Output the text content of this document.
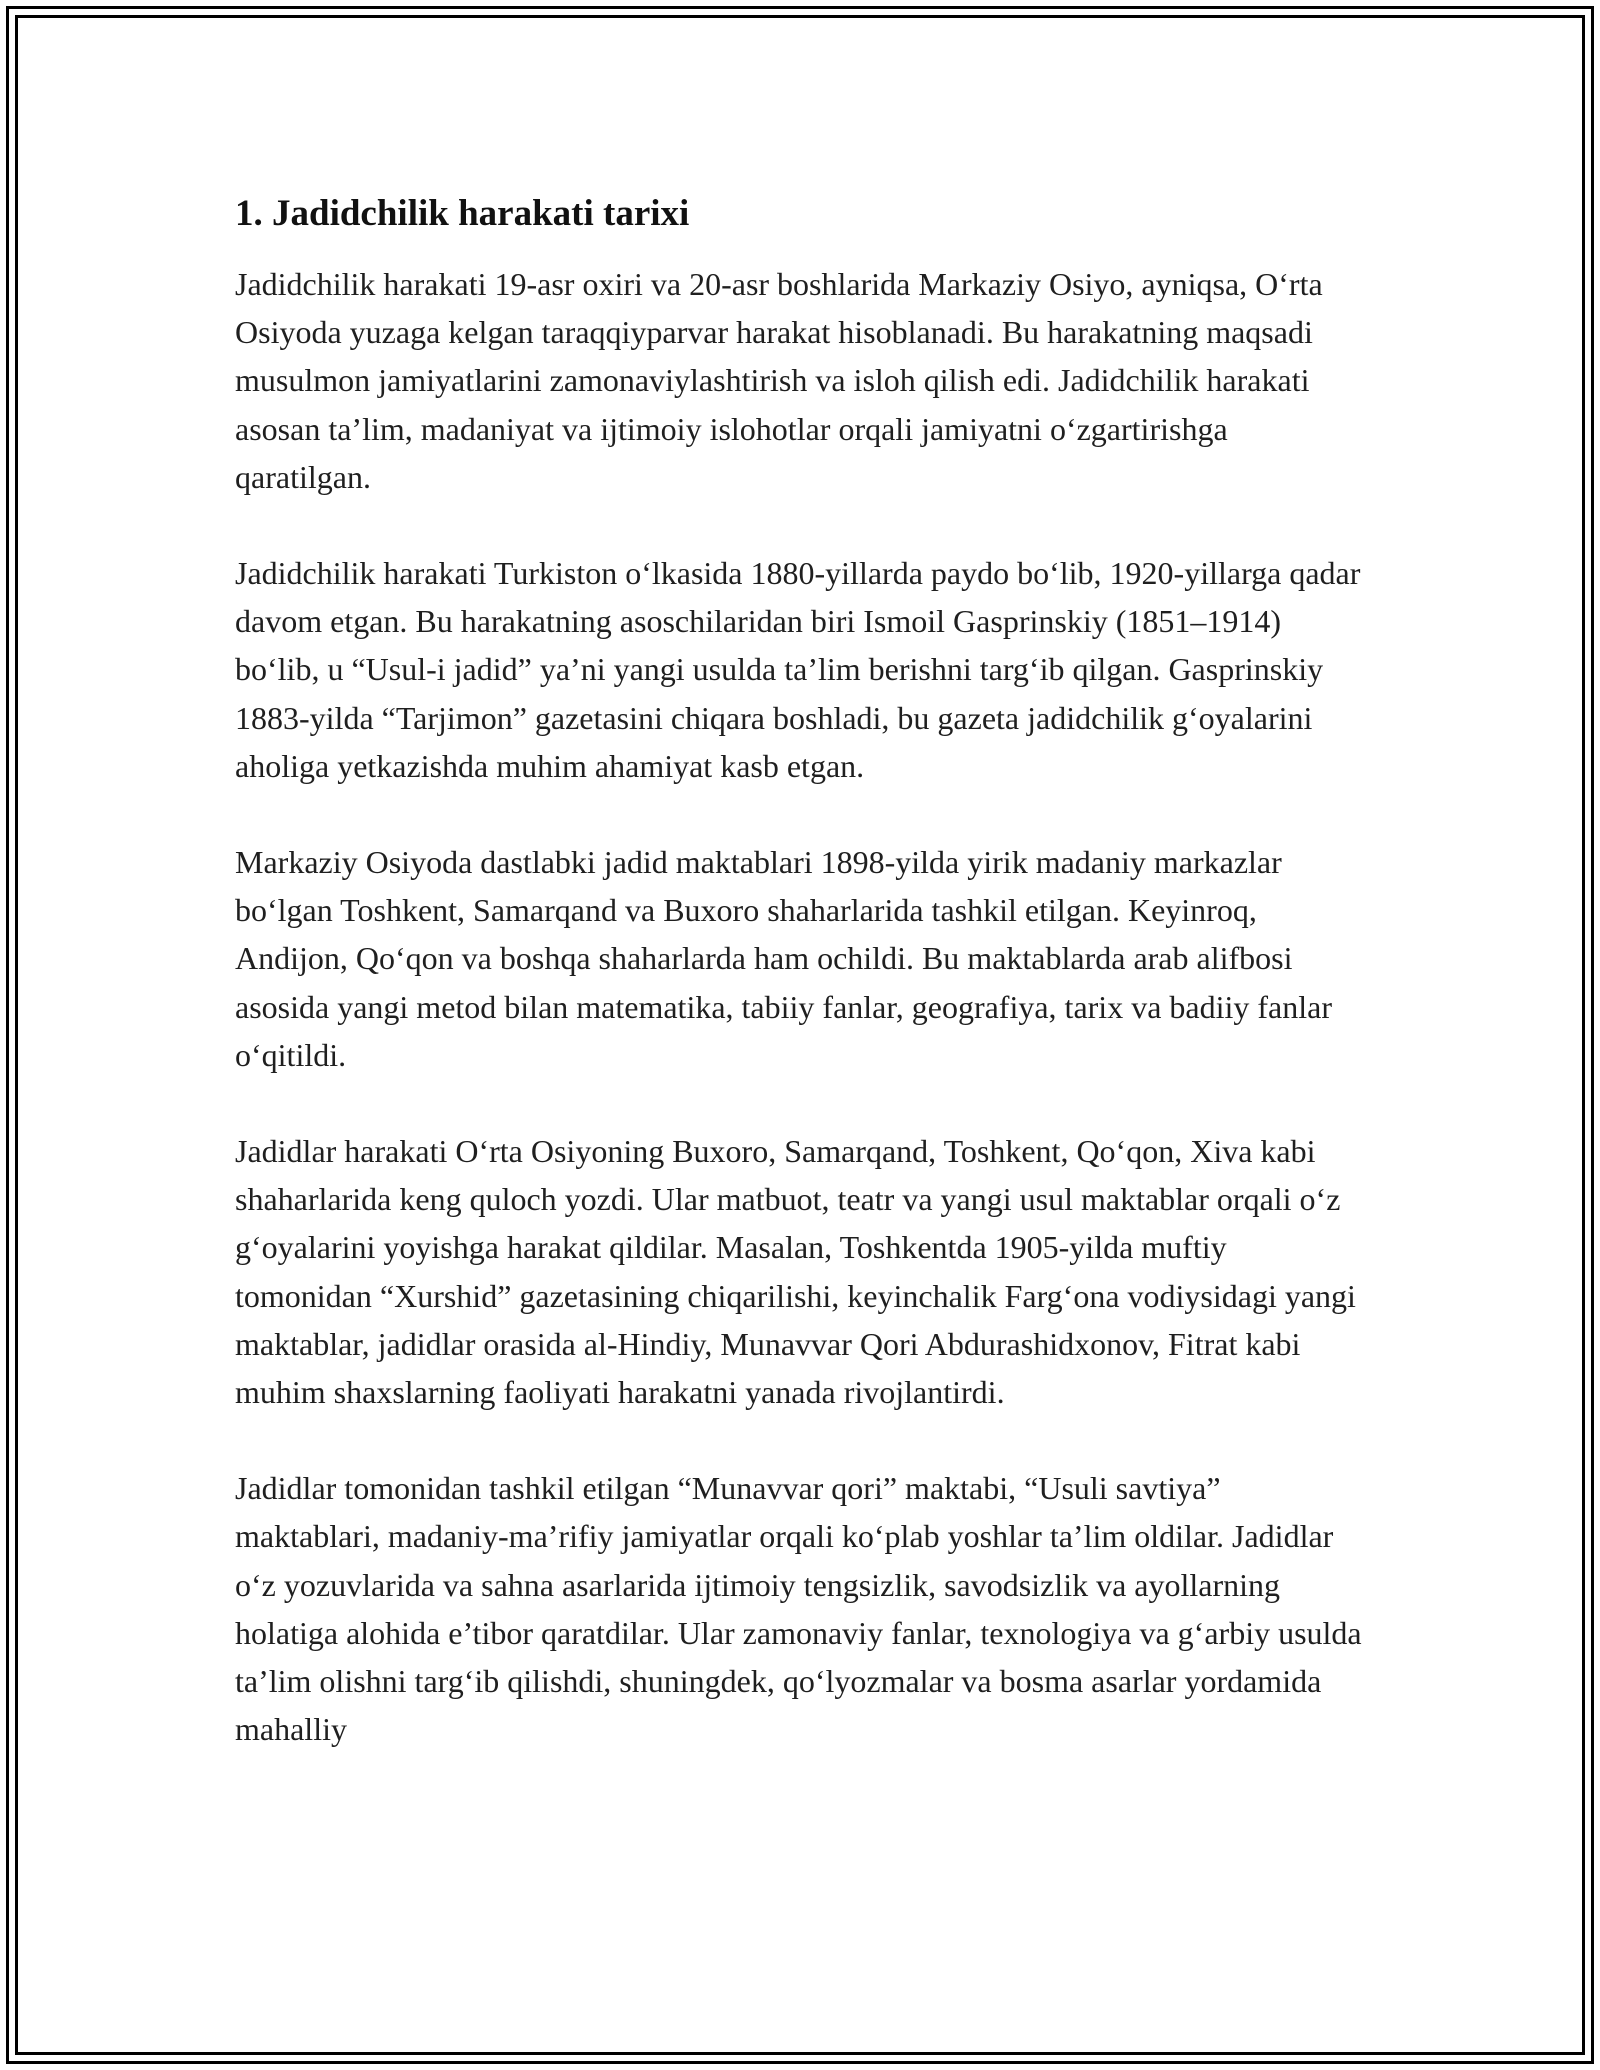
1. Jadidchilik harakati tarixi

Jadidchilik harakati 19-asr oxiri va 20-asr boshlarida Markaziy Osiyo, ayniqsa, O‘rta Osiyoda yuzaga kelgan taraqqiyparvar harakat hisoblanadi. Bu harakatning maqsadi musulmon jamiyatlarini zamonaviylashtirish va isloh qilish edi. Jadidchilik harakati asosan ta’lim, madaniyat va ijtimoiy islohotlar orqali jamiyatni o‘zgartirishga qaratilgan.

Jadidchilik harakati Turkiston o‘lkasida 1880-yillarda paydo bo‘lib, 1920-yillarga qadar davom etgan. Bu harakatning asoschilaridan biri Ismoil Gasprinskiy (1851–1914) bo‘lib, u “Usul-i jadid” ya’ni yangi usulda ta’lim berishni targ‘ib qilgan. Gasprinskiy 1883-yilda “Tarjimon” gazetasini chiqara boshladi, bu gazeta jadidchilik g‘oyalarini aholiga yetkazishda muhim ahamiyat kasb etgan.

Markaziy Osiyoda dastlabki jadid maktablari 1898-yilda yirik madaniy markazlar bo‘lgan Toshkent, Samarqand va Buxoro shaharlarida tashkil etilgan. Keyinroq, Andijon, Qo‘qon va boshqa shaharlarda ham ochildi. Bu maktablarda arab alifbosi asosida yangi metod bilan matematika, tabiiy fanlar, geografiya, tarix va badiiy fanlar o‘qitildi.

Jadidlar harakati O‘rta Osiyoning Buxoro, Samarqand, Toshkent, Qo‘qon, Xiva kabi shaharlarida keng quloch yozdi. Ular matbuot, teatr va yangi usul maktablar orqali o‘z g‘oyalarini yoyishga harakat qildilar. Masalan, Toshkentda 1905-yilda muftiy tomonidan “Xurshid” gazetasining chiqarilishi, keyinchalik Farg‘ona vodiysidagi yangi maktablar, jadidlar orasida al-Hindiy, Munavvar Qori Abdurashidxonov, Fitrat kabi muhim shaxslarning faoliyati harakatni yanada rivojlantirdi.

Jadidlar tomonidan tashkil etilgan “Munavvar qori” maktabi, “Usuli savtiya” maktablari, madaniy-ma’rifiy jamiyatlar orqali ko‘plab yoshlar ta’lim oldilar. Jadidlar o‘z yozuvlarida va sahna asarlarida ijtimoiy tengsizlik, savodsizlik va ayollarning holatiga alohida e’tibor qaratdilar. Ular zamonaviy fanlar, texnologiya va g‘arbiy usulda ta’lim olishni targ‘ib qilishdi, shuningdek, qo‘lyozmalar va bosma asarlar yordamida mahalliy
